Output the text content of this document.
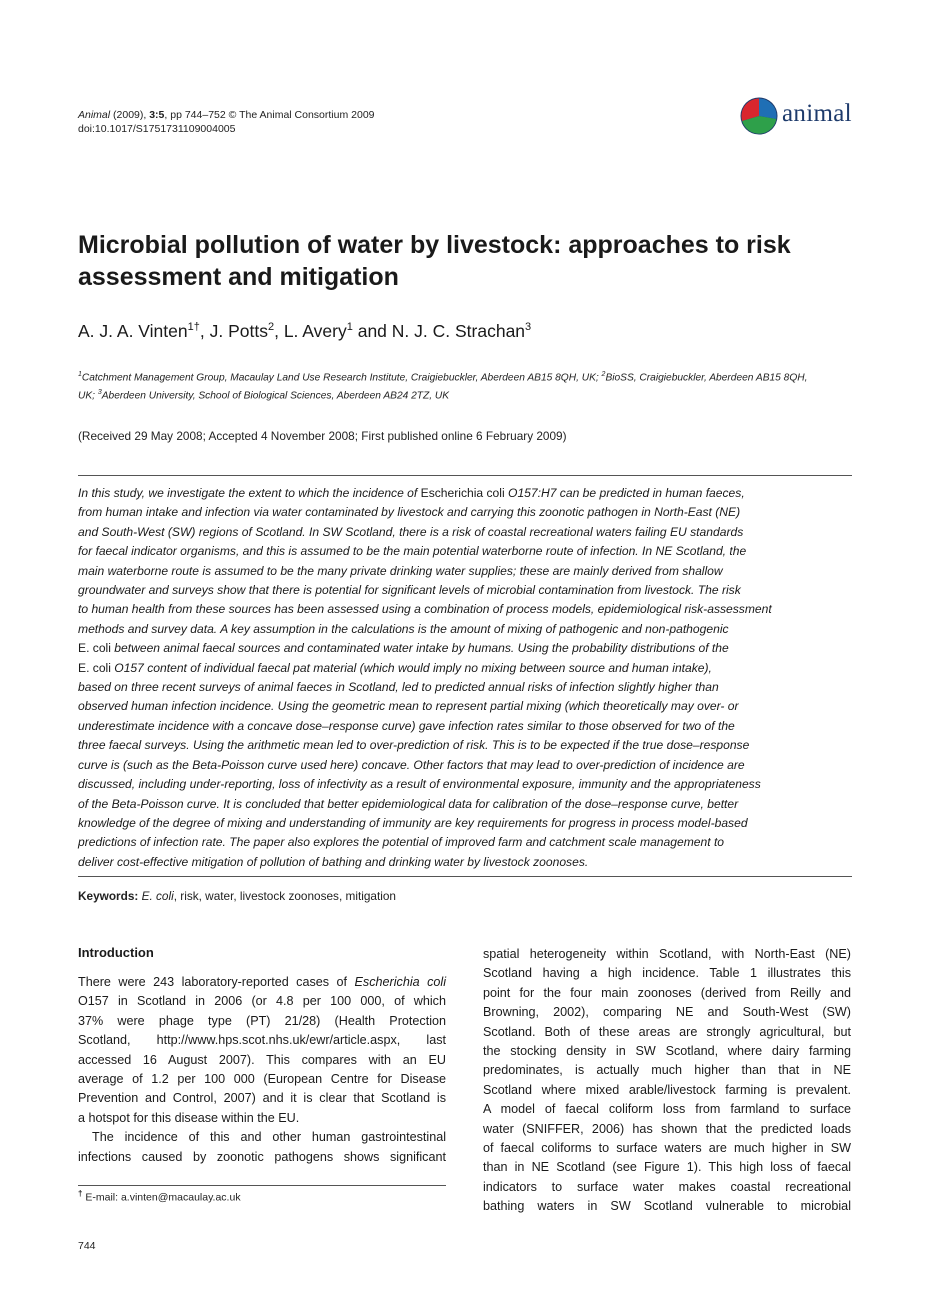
Animal (2009), 3:5, pp 744–752 © The Animal Consortium 2009
doi:10.1017/S1751731109004005
animal
Microbial pollution of water by livestock: approaches to risk assessment and mitigation
A. J. A. Vinten$^{1\dagger}$, J. Potts$^2$, L. Avery$^1$ and N. J. C. Strachan$^3$
$^1$Catchment Management Group, Macaulay Land Use Research Institute, Craigiebuckler, Aberdeen AB15 8QH, UK; $^2$BioSS, Craigiebuckler, Aberdeen AB15 8QH,
UK; $^3$Aberdeen University, School of Biological Sciences, Aberdeen AB24 2TZ, UK
(Received 29 May 2008; Accepted 4 November 2008; First published online 6 February 2009)
In this study, we investigate the extent to which the incidence of Escherichia coli O157:H7 can be predicted in human faeces,
from human intake and infection via water contaminated by livestock and carrying this zoonotic pathogen in North-East (NE)
and South-West (SW) regions of Scotland. In SW Scotland, there is a risk of coastal recreational waters failing EU standards
for faecal indicator organisms, and this is assumed to be the main potential waterborne route of infection. In NE Scotland, the
main waterborne route is assumed to be the many private drinking water supplies; these are mainly derived from shallow
groundwater and surveys show that there is potential for significant levels of microbial contamination from livestock. The risk
to human health from these sources has been assessed using a combination of process models, epidemiological risk-assessment
methods and survey data. A key assumption in the calculations is the amount of mixing of pathogenic and non-pathogenic
E. coli between animal faecal sources and contaminated water intake by humans. Using the probability distributions of the
E. coli O157 content of individual faecal pat material (which would imply no mixing between source and human intake),
based on three recent surveys of animal faeces in Scotland, led to predicted annual risks of infection slightly higher than
observed human infection incidence. Using the geometric mean to represent partial mixing (which theoretically may over- or
underestimate incidence with a concave dose–response curve) gave infection rates similar to those observed for two of the
three faecal surveys. Using the arithmetic mean led to over-prediction of risk. This is to be expected if the true dose–response
curve is (such as the Beta-Poisson curve used here) concave. Other factors that may lead to over-prediction of incidence are
discussed, including under-reporting, loss of infectivity as a result of environmental exposure, immunity and the appropriateness
of the Beta-Poisson curve. It is concluded that better epidemiological data for calibration of the dose–response curve, better
knowledge of the degree of mixing and understanding of immunity are key requirements for progress in process model-based
predictions of infection rate. The paper also explores the potential of improved farm and catchment scale management to
deliver cost-effective mitigation of pollution of bathing and drinking water by livestock zoonoses.
Keywords: E. coli, risk, water, livestock zoonoses, mitigation
Introduction
There were 243 laboratory-reported cases of Escherichia coli
O157 in Scotland in 2006 (or 4.8 per 100 000, of which
37% were phage type (PT) 21/28) (Health Protection
Scotland, http://www.hps.scot.nhs.uk/ewr/article.aspx, last
accessed 16 August 2007). This compares with an EU
average of 1.2 per 100 000 (European Centre for Disease
Prevention and Control, 2007) and it is clear that Scotland is
a hotspot for this disease within the EU.
The incidence of this and other human gastrointestinal
infections caused by zoonotic pathogens shows significant
spatial heterogeneity within Scotland, with North-East (NE)
Scotland having a high incidence. Table 1 illustrates this
point for the four main zoonoses (derived from Reilly and
Browning, 2002), comparing NE and South-West (SW)
Scotland. Both of these areas are strongly agricultural, but
the stocking density in SW Scotland, where dairy farming
predominates, is actually much higher than that in NE
Scotland where mixed arable/livestock farming is prevalent.
A model of faecal coliform loss from farmland to surface
water (SNIFFER, 2006) has shown that the predicted loads
of faecal coliforms to surface waters are much higher in SW
than in NE Scotland (see Figure 1). This high loss of faecal
indicators to surface water makes coastal recreational
bathing waters in SW Scotland vulnerable to microbial
† E-mail: a.vinten@macaulay.ac.uk
744
